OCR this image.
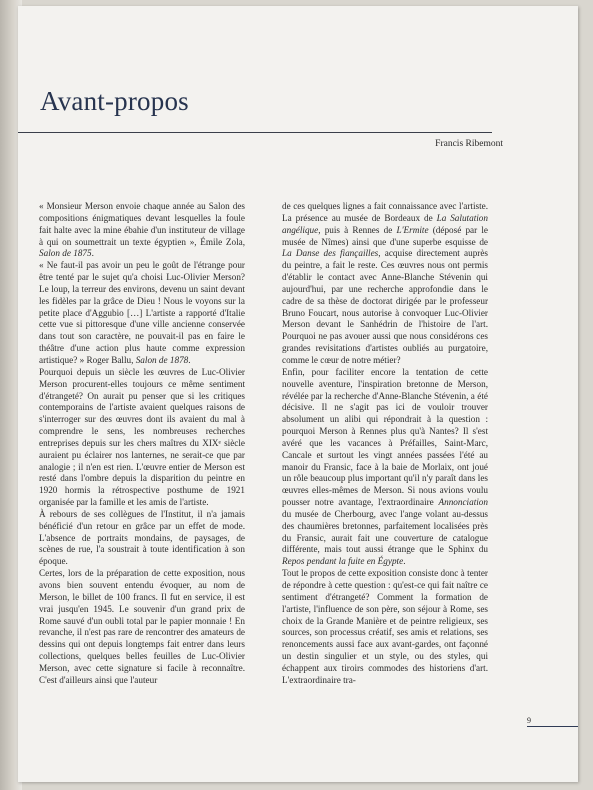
Avant-propos
Francis Ribemont

« Monsieur Merson envoie chaque année au Salon des compositions énigmatiques devant lesquelles la foule fait halte avec la mine ébahie d'un instituteur de village à qui on soumettrait un texte égyptien », Émile Zola, Salon de 1875.

« Ne faut-il pas avoir un peu le goût de l'étrange pour être tenté par le sujet qu'a choisi Luc-Olivier Merson? Le loup, la terreur des environs, devenu un saint devant les fidèles par la grâce de Dieu ! Nous le voyons sur la petite place d'Aggubio […] L'artiste a rapporté d'Italie cette vue si pittoresque d'une ville ancienne conservée dans tout son caractère, ne pouvait-il pas en faire le théâtre d'une action plus haute comme expression artistique? » Roger Ballu, Salon de 1878.

Pourquoi depuis un siècle les œuvres de Luc-Olivier Merson procurent-elles toujours ce même sentiment d'étrangeté? On aurait pu penser que si les critiques contemporains de l'artiste avaient quelques raisons de s'interroger sur des œuvres dont ils avaient du mal à comprendre le sens, les nombreuses recherches entreprises depuis sur les chers maîtres du XIXᵉ siècle auraient pu éclairer nos lanternes, ne serait-ce que par analogie ; il n'en est rien. L'œuvre entier de Merson est resté dans l'ombre depuis la disparition du peintre en 1920 hormis la rétrospective posthume de 1921 organisée par la famille et les amis de l'artiste.

À rebours de ses collègues de l'Institut, il n'a jamais bénéficié d'un retour en grâce par un effet de mode. L'absence de portraits mondains, de paysages, de scènes de rue, l'a soustrait à toute identification à son époque.

Certes, lors de la préparation de cette exposition, nous avons bien souvent entendu évoquer, au nom de Merson, le billet de 100 francs. Il fut en service, il est vrai jusqu'en 1945. Le souvenir d'un grand prix de Rome sauvé d'un oubli total par le papier monnaie ! En revanche, il n'est pas rare de rencontrer des amateurs de dessins qui ont depuis longtemps fait entrer dans leurs collections, quelques belles feuilles de Luc-Olivier Merson, avec cette signature si facile à reconnaître. C'est d'ailleurs ainsi que l'auteur

de ces quelques lignes a fait connaissance avec l'artiste. La présence au musée de Bordeaux de La Salutation angélique, puis à Rennes de L'Ermite (déposé par le musée de Nîmes) ainsi que d'une superbe esquisse de La Danse des fiançailles, acquise directement auprès du peintre, a fait le reste. Ces œuvres nous ont permis d'établir le contact avec Anne-Blanche Stévenin qui aujourd'hui, par une recherche approfondie dans le cadre de sa thèse de doctorat dirigée par le professeur Bruno Foucart, nous autorise à convoquer Luc-Olivier Merson devant le Sanhédrin de l'histoire de l'art. Pourquoi ne pas avouer aussi que nous considérons ces grandes revisitations d'artistes oubliés au purgatoire, comme le cœur de notre métier?

Enfin, pour faciliter encore la tentation de cette nouvelle aventure, l'inspiration bretonne de Merson, révélée par la recherche d'Anne-Blanche Stévenin, a été décisive. Il ne s'agit pas ici de vouloir trouver absolument un alibi qui répondrait à la question : pourquoi Merson à Rennes plus qu'à Nantes? Il s'est avéré que les vacances à Préfailles, Saint-Marc, Cancale et surtout les vingt années passées l'été au manoir du Fransic, face à la baie de Morlaix, ont joué un rôle beaucoup plus important qu'il n'y paraît dans les œuvres elles-mêmes de Merson. Si nous avions voulu pousser notre avantage, l'extraordinaire Annonciation du musée de Cherbourg, avec l'ange volant au-dessus des chaumières bretonnes, parfaitement localisées près du Fransic, aurait fait une couverture de catalogue différente, mais tout aussi étrange que le Sphinx du Repos pendant la fuite en Égypte.

Tout le propos de cette exposition consiste donc à tenter de répondre à cette question : qu'est-ce qui fait naître ce sentiment d'étrangeté? Comment la formation de l'artiste, l'influence de son père, son séjour à Rome, ses choix de la Grande Manière et de peintre religieux, ses sources, son processus créatif, ses amis et relations, ses renoncements aussi face aux avant-gardes, ont façonné un destin singulier et un style, ou des styles, qui échappent aux tiroirs commodes des historiens d'art. L'extraordinaire tra-

9
